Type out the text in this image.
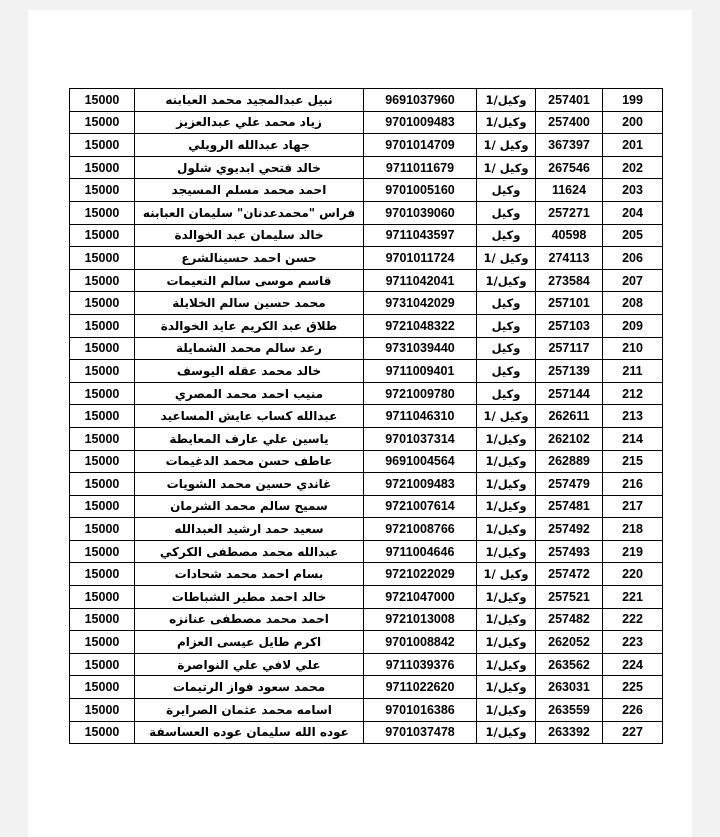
15000	نبيل عبدالمجيد محمد العبابنه	9691037960	وكيل/1	257401	199
15000	زياد محمد علي عبدالعزيز	9701009483	وكيل/1	257400	200
15000	جهاد عبدالله الرويلي	9701014709	وكيل /1	367397	201
15000	خالد فتحي ابديوي شلول	9711011679	وكيل /1	267546	202
15000	احمد محمد مسلم المسيجد	9701005160	وكيل	11624	203
15000	فراس "محمدعدنان" سليمان العبابنه	9701039060	وكيل	257271	204
15000	خالد سليمان عبد الخوالدة	9711043597	وكيل	40598	205
15000	حسن احمد حسينالشرع	9701011724	وكيل /1	274113	206
15000	قاسم موسى سالم النعيمات	9711042041	وكيل/1	273584	207
15000	محمد حسين سالم الخلايلة	9731042029	وكيل	257101	208
15000	طلاق عبد الكريم عايد الخوالدة	9721048322	وكيل	257103	209
15000	رعد سالم محمد الشمايلة	9731039440	وكيل	257117	210
15000	خالد محمد عقله اليوسف	9711009401	وكيل	257139	211
15000	منيب احمد محمد المصري	9721009780	وكيل	257144	212
15000	عبدالله كساب عايش المساعيد	9711046310	وكيل /1	262611	213
15000	ياسين علي عارف المعايطة	9701037314	وكيل/1	262102	214
15000	عاطف حسن محمد الدغيمات	9691004564	وكيل/1	262889	215
15000	غاندي حسين محمد الشويات	9721009483	وكيل/1	257479	216
15000	سميح سالم محمد الشرمان	9721007614	وكيل/1	257481	217
15000	سعيد حمد ارشيد العبدالله	9721008766	وكيل/1	257492	218
15000	عبدالله محمد مصطفى الكركي	9711004646	وكيل/1	257493	219
15000	بسام احمد محمد شحادات	9721022029	وكيل /1	257472	220
15000	خالد احمد مطير الشباطات	9721047000	وكيل/1	257521	221
15000	احمد محمد مصطفى عنانزه	9721013008	وكيل/1	257482	222
15000	اكرم طايل عيسى العزام	9701008842	وكيل/1	262052	223
15000	علي لافي علي النواصرة	9711039376	وكيل/1	263562	224
15000	محمد سعود فواز الرتيمات	9711022620	وكيل/1	263031	225
15000	اسامه محمد عثمان الصرايرة	9701016386	وكيل/1	263559	226
15000	عوده الله سليمان عوده العساسفة	9701037478	وكيل/1	263392	227
